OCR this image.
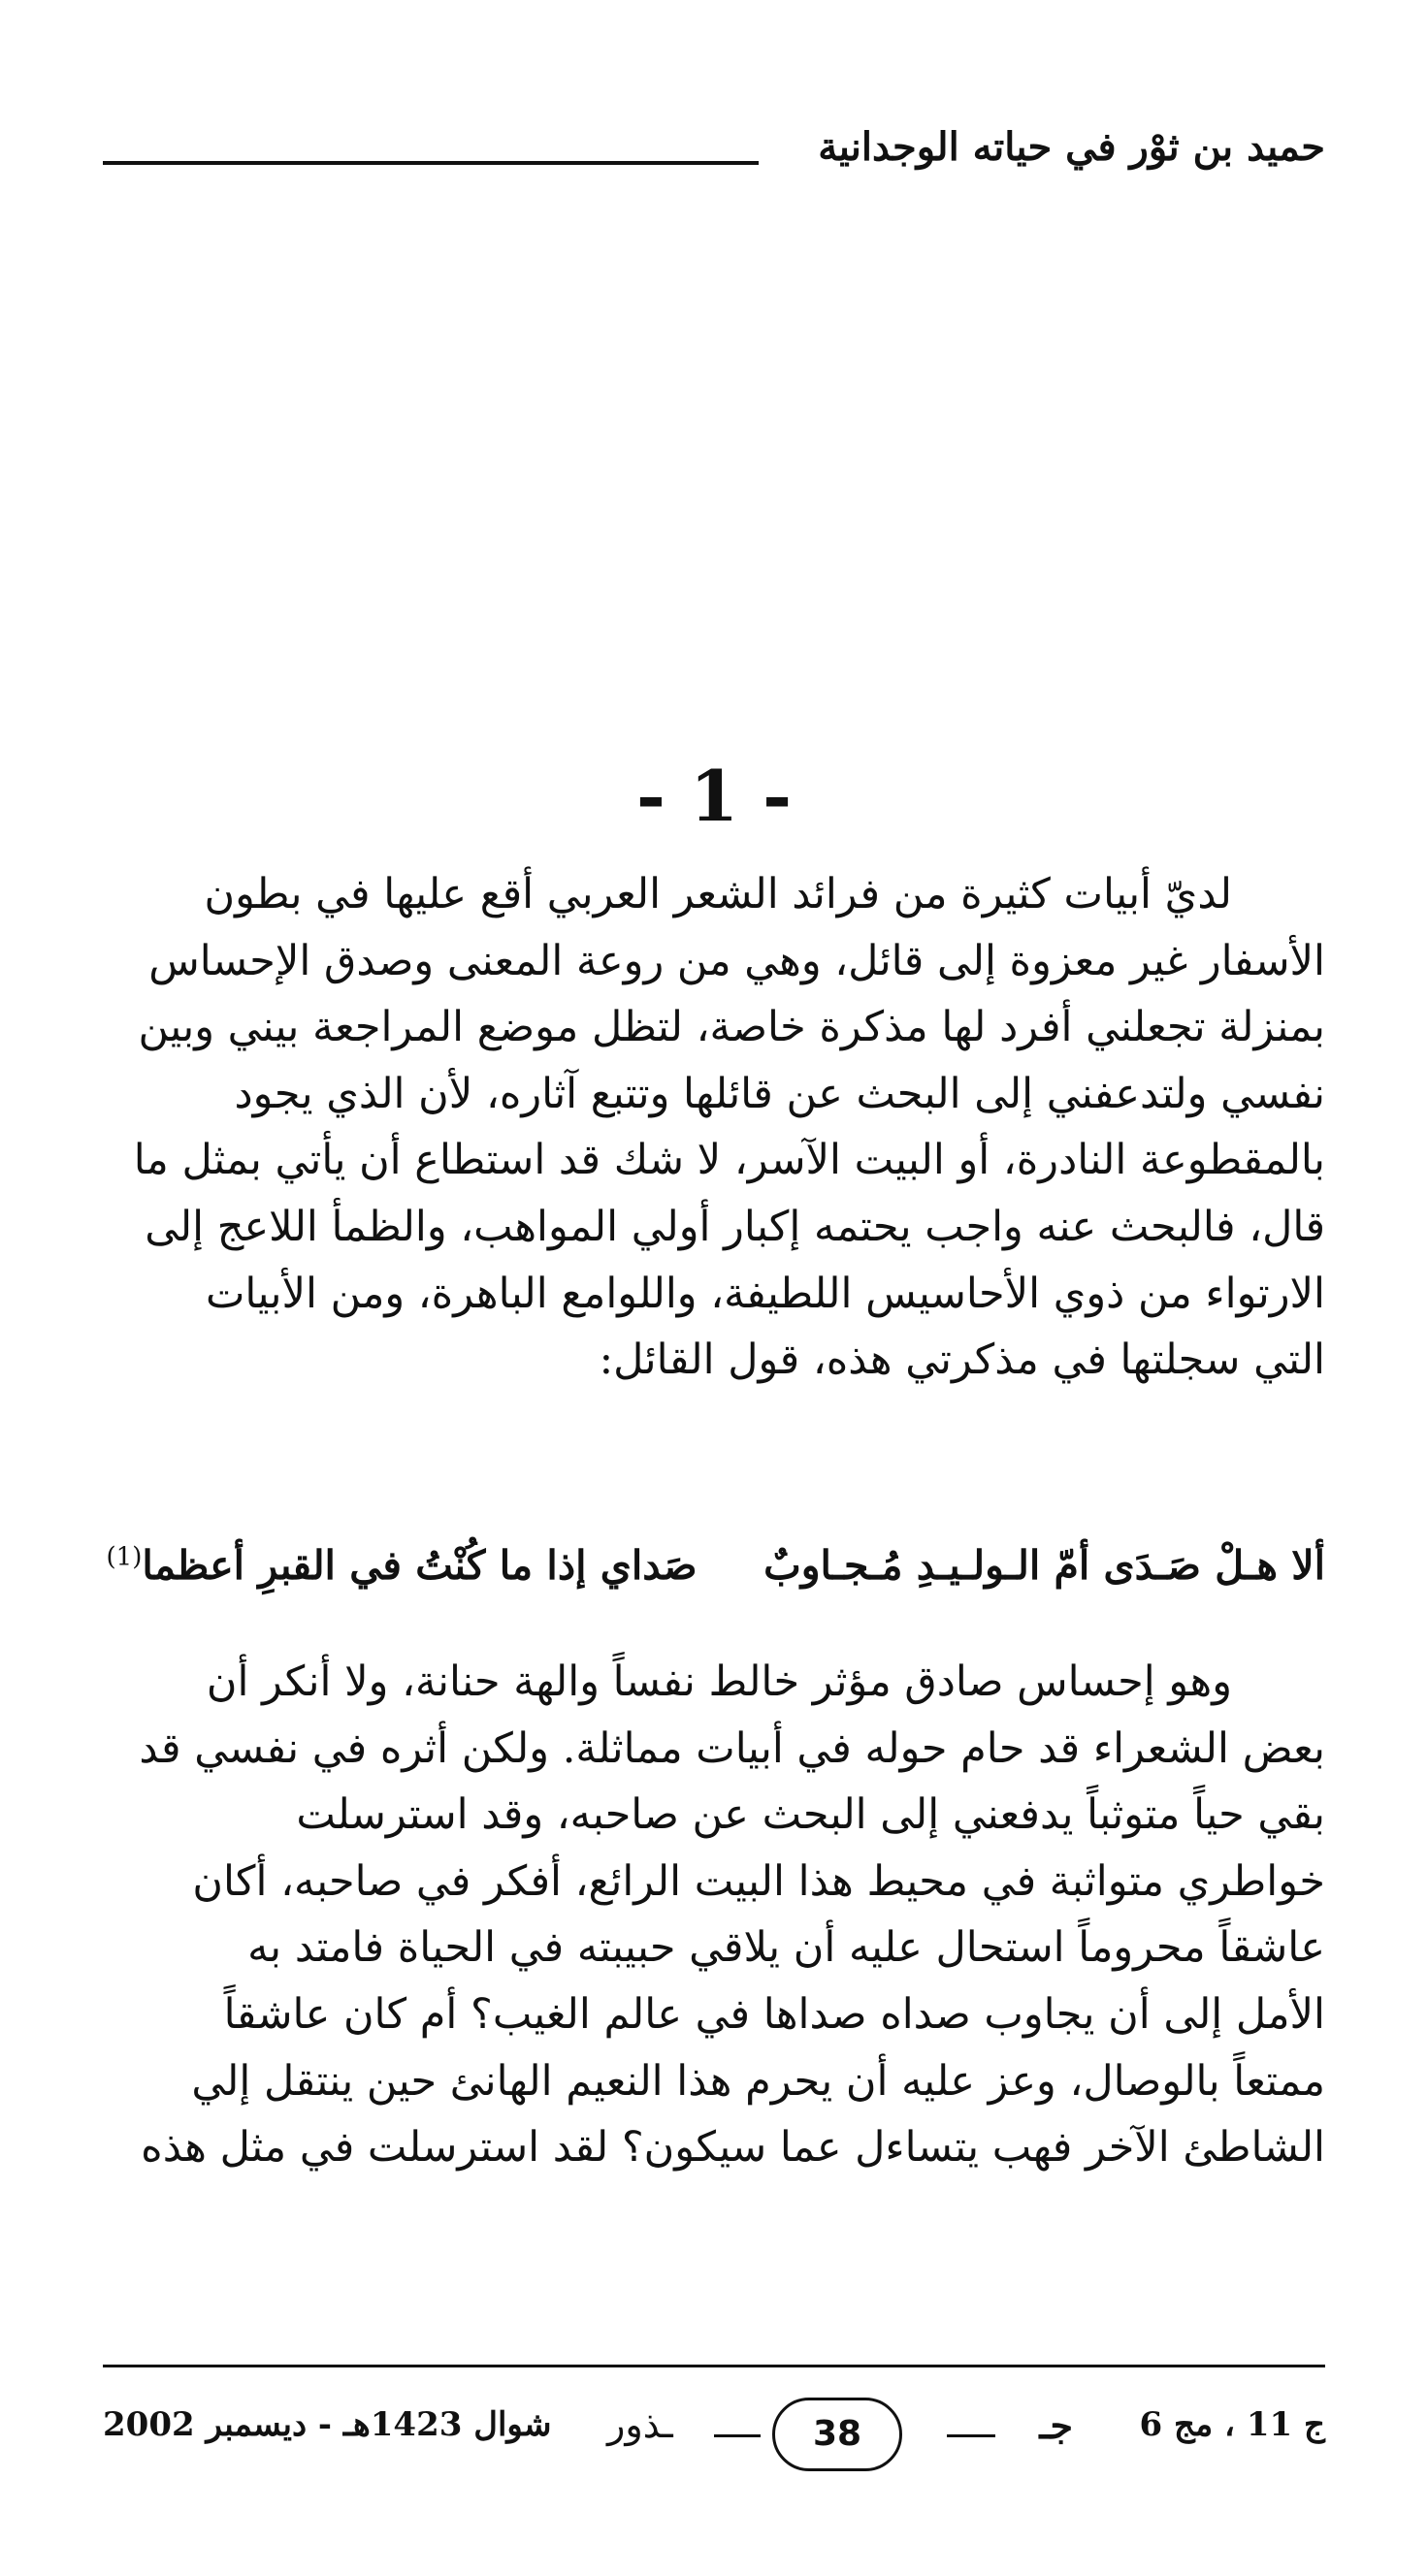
حميد بن ثوْر في حياته الوجدانية
- 1 -
لديّ أبيات كثيرة من فرائد الشعر العربي أقع عليها في بطون
الأسفار غير معزوة إلى قائل، وهي من روعة المعنى وصدق الإحساس
بمنزلة تجعلني أفرد لها مذكرة خاصة، لتظل موضع المراجعة بيني وبين
نفسي ولتدعفني إلى البحث عن قائلها وتتبع آثاره، لأن الذي يجود
بالمقطوعة النادرة، أو البيت الآسر، لا شك قد استطاع أن يأتي بمثل ما
قال، فالبحث عنه واجب يحتمه إكبار أولي المواهب، والظمأ اللاعج إلى
الارتواء من ذوي الأحاسيس اللطيفة، واللوامع الباهرة، ومن الأبيات
التي سجلتها في مذكرتي هذه، قول القائل:
ألا هـلْ صَـدَى أمّ الـولـيـدِ مُـجـاوبٌ  صَداي إذا ما كُنْتُ في القبرِ أعظما$^{(1)}$
وهو إحساس صادق مؤثر خالط نفساً والهة حنانة، ولا أنكر أن
بعض الشعراء قد حام حوله في أبيات مماثلة. ولكن أثره في نفسي قد
بقي حياً متوثباً يدفعني إلى البحث عن صاحبه، وقد استرسلت
خواطري متواثبة في محيط هذا البيت الرائع، أفكر في صاحبه، أكان
عاشقاً محروماً استحال عليه أن يلاقي حبيبته في الحياة فامتد به
الأمل إلى أن يجاوب صداه صداها في عالم الغيب؟ أم كان عاشقاً
ممتعاً بالوصال، وعز عليه أن يحرم هذا النعيم الهانئ حين ينتقل إلي
الشاطئ الآخر فهب يتساءل عما سيكون؟ لقد استرسلت في مثل هذه
ج 11 ، مج 6
جـ
38
ـذور
شوال 1423هـ - ديسمبر 2002
